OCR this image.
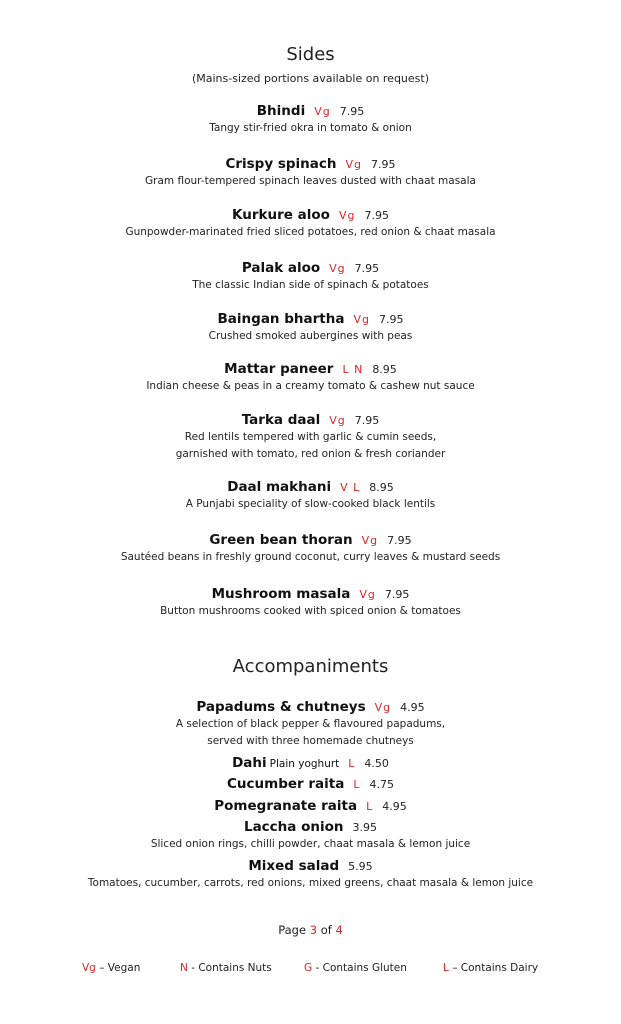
Sides
(Mains-sized portions available on request)
Bhindi Vg 7.95
Tangy stir-fried okra in tomato & onion
Crispy spinach Vg 7.95
Gram flour-tempered spinach leaves dusted with chaat masala
Kurkure aloo Vg 7.95
Gunpowder-marinated fried sliced potatoes, red onion & chaat masala
Palak aloo Vg 7.95
The classic Indian side of spinach & potatoes
Baingan bhartha Vg 7.95
Crushed smoked aubergines with peas
Mattar paneer L N 8.95
Indian cheese & peas in a creamy tomato & cashew nut sauce
Tarka daal Vg 7.95
Red lentils tempered with garlic & cumin seeds,
garnished with tomato, red onion & fresh coriander
Daal makhani V L 8.95
A Punjabi speciality of slow-cooked black lentils
Green bean thoran Vg 7.95
Sautéed beans in freshly ground coconut, curry leaves & mustard seeds
Mushroom masala Vg 7.95
Button mushrooms cooked with spiced onion & tomatoes
Accompaniments
Papadums & chutneys Vg 4.95
A selection of black pepper & flavoured papadums,
served with three homemade chutneys
Dahi Plain yoghurt L 4.50
Cucumber raita L 4.75
Pomegranate raita L 4.95
Laccha onion 3.95
Sliced onion rings, chilli powder, chaat masala & lemon juice
Mixed salad 5.95
Tomatoes, cucumber, carrots, red onions, mixed greens, chaat masala & lemon juice
Page 3 of 4
Vg – Vegan	N - Contains Nuts	G - Contains Gluten	L – Contains Dairy
